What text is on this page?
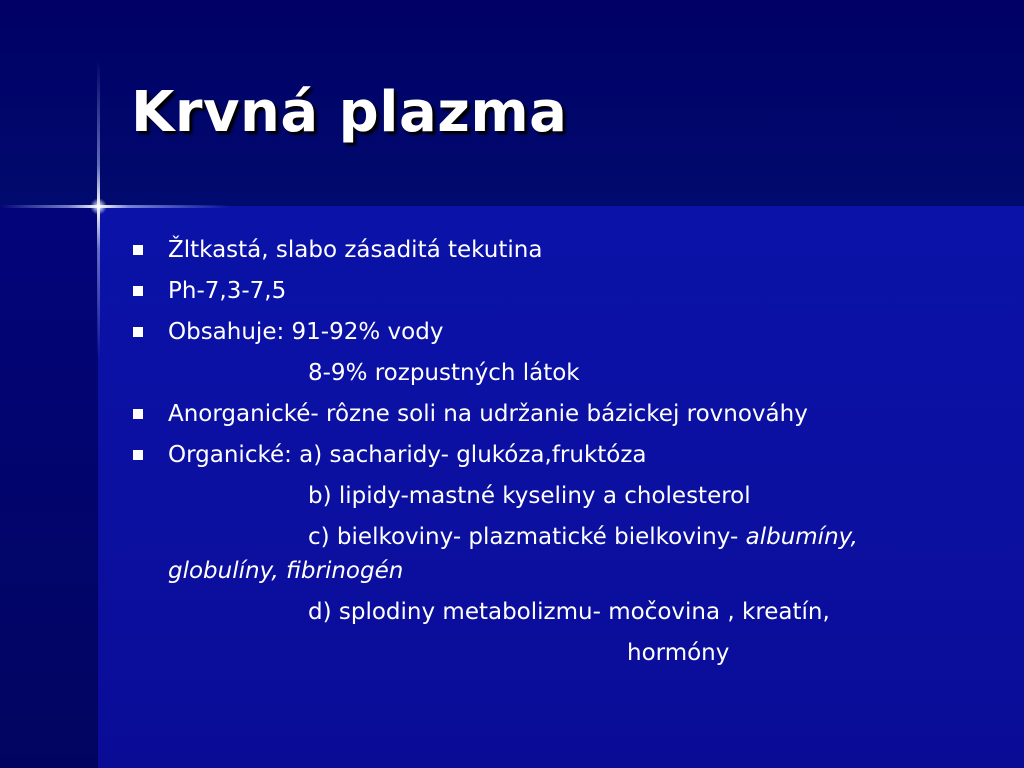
Krvná plazma
Žltkastá, slabo zásaditá tekutina
Ph-7,3-7,5
Obsahuje: 91-92% vody
8-9% rozpustných látok
Anorganické- rôzne soli na udržanie bázickej rovnováhy
Organické: a) sacharidy- glukóza,fruktóza
b) lipidy-mastné kyseliny a cholesterol
c) bielkoviny- plazmatické bielkoviny- albumíny,
globulíny, fibrinogén
d) splodiny metabolizmu- močovina , kreatín,
hormóny
